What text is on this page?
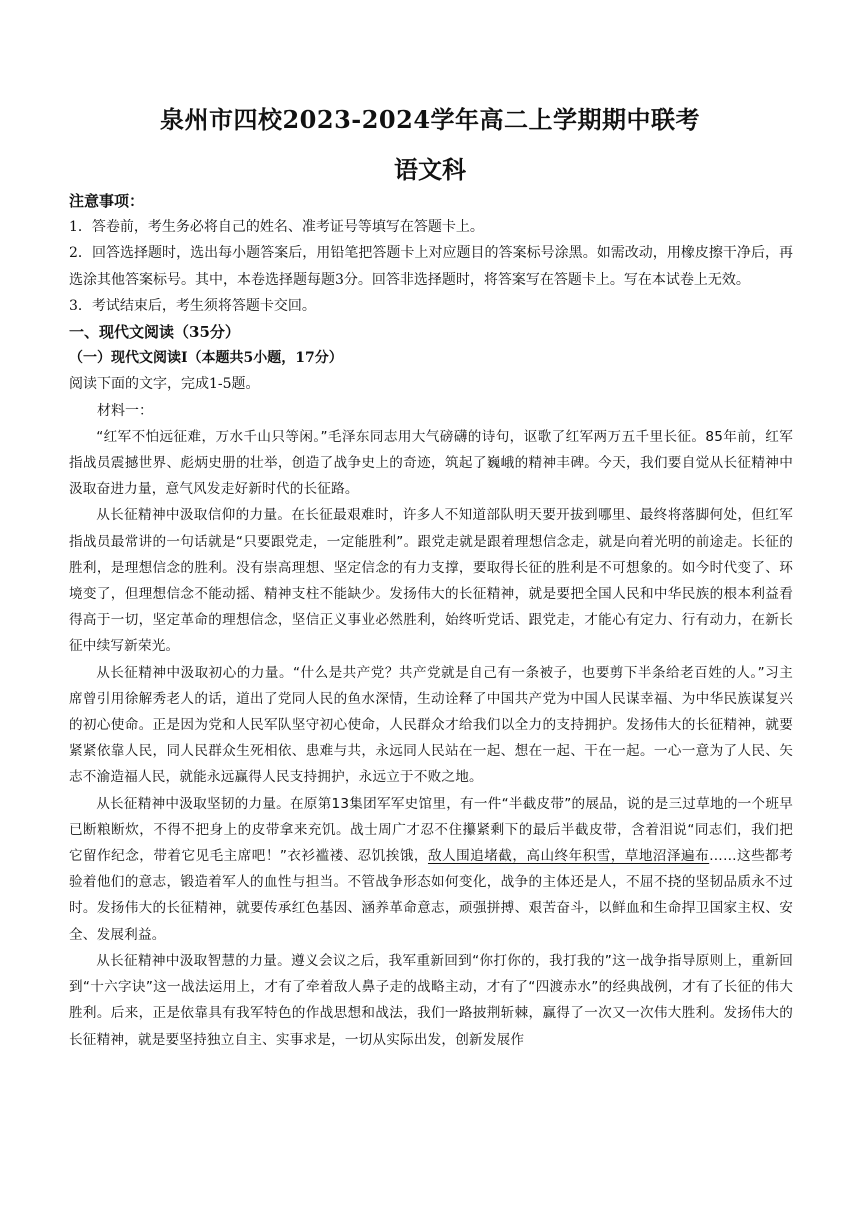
泉州市四校2023-2024学年高二上学期期中联考
语文科

注意事项：

1．答卷前，考生务必将自己的姓名、准考证号等填写在答题卡上。

2．回答选择题时，选出每小题答案后，用铅笔把答题卡上对应题目的答案标号涂黑。如需改动，用橡皮擦干净后，再选涂其他答案标号。其中，本卷选择题每题3分。回答非选择题时，将答案写在答题卡上。写在本试卷上无效。

3．考试结束后，考生须将答题卡交回。

一、现代文阅读（35分）

（一）现代文阅读Ⅰ（本题共5小题，17分）

阅读下面的文字，完成1-5题。

材料一：

“红军不怕远征难，万水千山只等闲。”毛泽东同志用大气磅礴的诗句，讴歌了红军两万五千里长征。85年前，红军指战员震撼世界、彪炳史册的壮举，创造了战争史上的奇迹，筑起了巍峨的精神丰碑。今天，我们要自觉从长征精神中汲取奋进力量，意气风发走好新时代的长征路。

从长征精神中汲取信仰的力量。在长征最艰难时，许多人不知道部队明天要开拔到哪里、最终将落脚何处，但红军指战员最常讲的一句话就是“只要跟党走，一定能胜利”。跟党走就是跟着理想信念走，就是向着光明的前途走。长征的胜利，是理想信念的胜利。没有崇高理想、坚定信念的有力支撑，要取得长征的胜利是不可想象的。如今时代变了、环境变了，但理想信念不能动摇、精神支柱不能缺少。发扬伟大的长征精神，就是要把全国人民和中华民族的根本利益看得高于一切，坚定革命的理想信念，坚信正义事业必然胜利，始终听党话、跟党走，才能心有定力、行有动力，在新长征中续写新荣光。

从长征精神中汲取初心的力量。“什么是共产党？共产党就是自己有一条被子，也要剪下半条给老百姓的人。”习主席曾引用徐解秀老人的话，道出了党同人民的鱼水深情，生动诠释了中国共产党为中国人民谋幸福、为中华民族谋复兴的初心使命。正是因为党和人民军队坚守初心使命，人民群众才给我们以全力的支持拥护。发扬伟大的长征精神，就要紧紧依靠人民，同人民群众生死相依、患难与共，永远同人民站在一起、想在一起、干在一起。一心一意为了人民、矢志不渝造福人民，就能永远赢得人民支持拥护，永远立于不败之地。

从长征精神中汲取坚韧的力量。在原第13集团军军史馆里，有一件“半截皮带”的展品，说的是三过草地的一个班早已断粮断炊，不得不把身上的皮带拿来充饥。战士周广才忍不住攥紧剩下的最后半截皮带，含着泪说“同志们，我们把它留作纪念，带着它见毛主席吧！”衣衫褴褛、忍饥挨饿，敌人围追堵截，高山终年积雪，草地沼泽遍布……这些都考验着他们的意志，锻造着军人的血性与担当。不管战争形态如何变化，战争的主体还是人，不屈不挠的坚韧品质永不过时。发扬伟大的长征精神，就要传承红色基因、涵养革命意志，顽强拼搏、艰苦奋斗，以鲜血和生命捍卫国家主权、安全、发展利益。

从长征精神中汲取智慧的力量。遵义会议之后，我军重新回到“你打你的，我打我的”这一战争指导原则上，重新回到“十六字诀”这一战法运用上，才有了牵着敌人鼻子走的战略主动，才有了“四渡赤水”的经典战例，才有了长征的伟大胜利。后来，正是依靠具有我军特色的作战思想和战法，我们一路披荆斩棘，赢得了一次又一次伟大胜利。发扬伟大的长征精神，就是要坚持独立自主、实事求是，一切从实际出发，创新发展作
